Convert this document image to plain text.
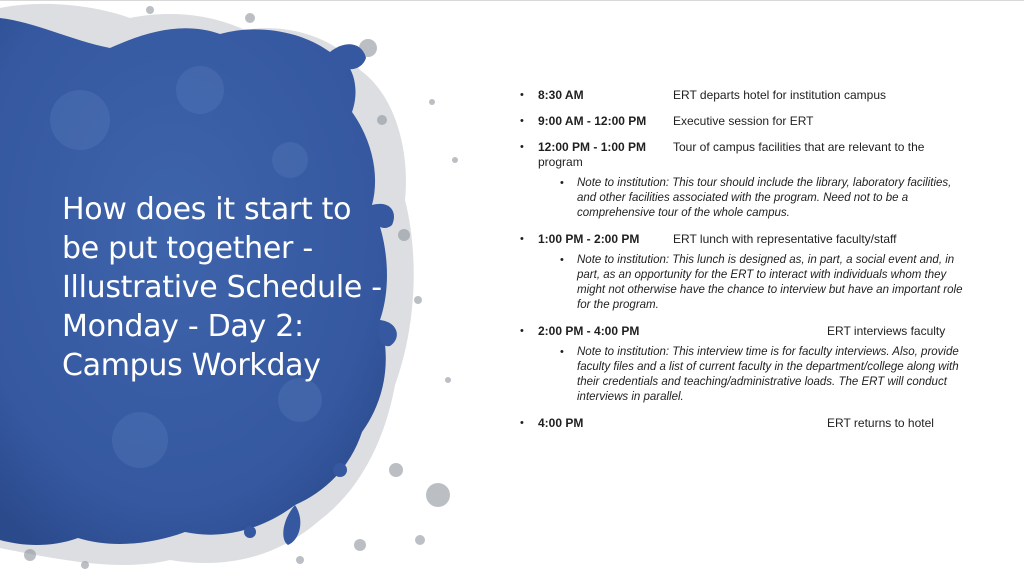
How does it start to be put together - Illustrative Schedule -Monday - Day 2: Campus Workday
• 8:30 AM	ERT departs hotel for institution campus
• 9:00 AM - 12:00 PM Executive session for ERT
• 12:00 PM - 1:00 PM Tour of campus facilities that are relevant to the program
• Note to institution: This tour should include the library, laboratory facilities, and other facilities associated with the program. Need not to be a comprehensive tour of the whole campus.
• 1:00 PM - 2:00 PM	ERT lunch with representative faculty/staff
• Note to institution: This lunch is designed as, in part, a social event and, in part, as an opportunity for the ERT to interact with individuals whom they might not otherwise have the chance to interview but have an important role for the program.
• 2:00 PM - 4:00 PM	ERT interviews faculty
• Note to institution: This interview time is for faculty interviews. Also, provide faculty files and a list of current faculty in the department/college along with their credentials and teaching/administrative loads. The ERT will conduct interviews in parallel.
• 4:00 PM	ERT returns to hotel
